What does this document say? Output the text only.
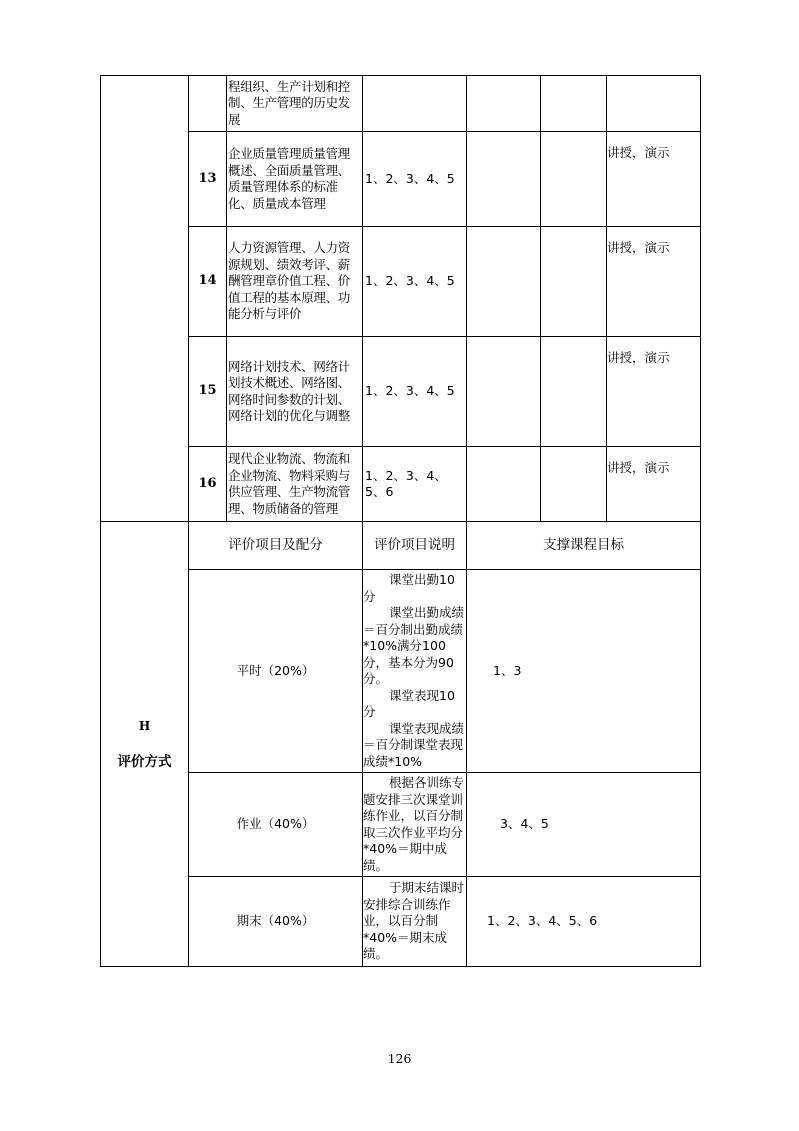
		程组织、生产计划和控制、生产管理的历史发展				
	13	企业质量管理质量管理概述、全面质量管理、质量管理体系的标准化、质量成本管理	1、2、3、4、5			讲授，演示
	14	人力资源管理、人力资源规划、绩效考评、薪酬管理章价值工程、价值工程的基本原理、功能分析与评价	1、2、3、4、5			讲授，演示
	15	网络计划技术、网络计划技术概述、网络图、网络时间参数的计划、网络计划的优化与调整	1、2、3、4、5			讲授，演示
	16	现代企业物流、物流和企业物流、物料采购与供应管理、生产物流管理、物质储备的管理	1、2、3、4、5、6			讲授，演示

H
评价方式	评价项目及配分		评价项目说明	支撑课程目标		
	平时（20%）		课堂出勤10分

课堂出勤成绩＝百分制出勤成绩*10%满分100分，基本分为90分。

课堂表现10分

课堂表现成绩＝百分制课堂表现成绩*10%	1、3		
	作业（40%）		根据各训练专题安排三次课堂训练作业，以百分制取三次作业平均分*40%＝期中成绩。	3、4、5		
	期末（40%）		于期末结课时安排综合训练作业，以百分制*40%＝期末成绩。	1、2、3、4、5、6		
126
